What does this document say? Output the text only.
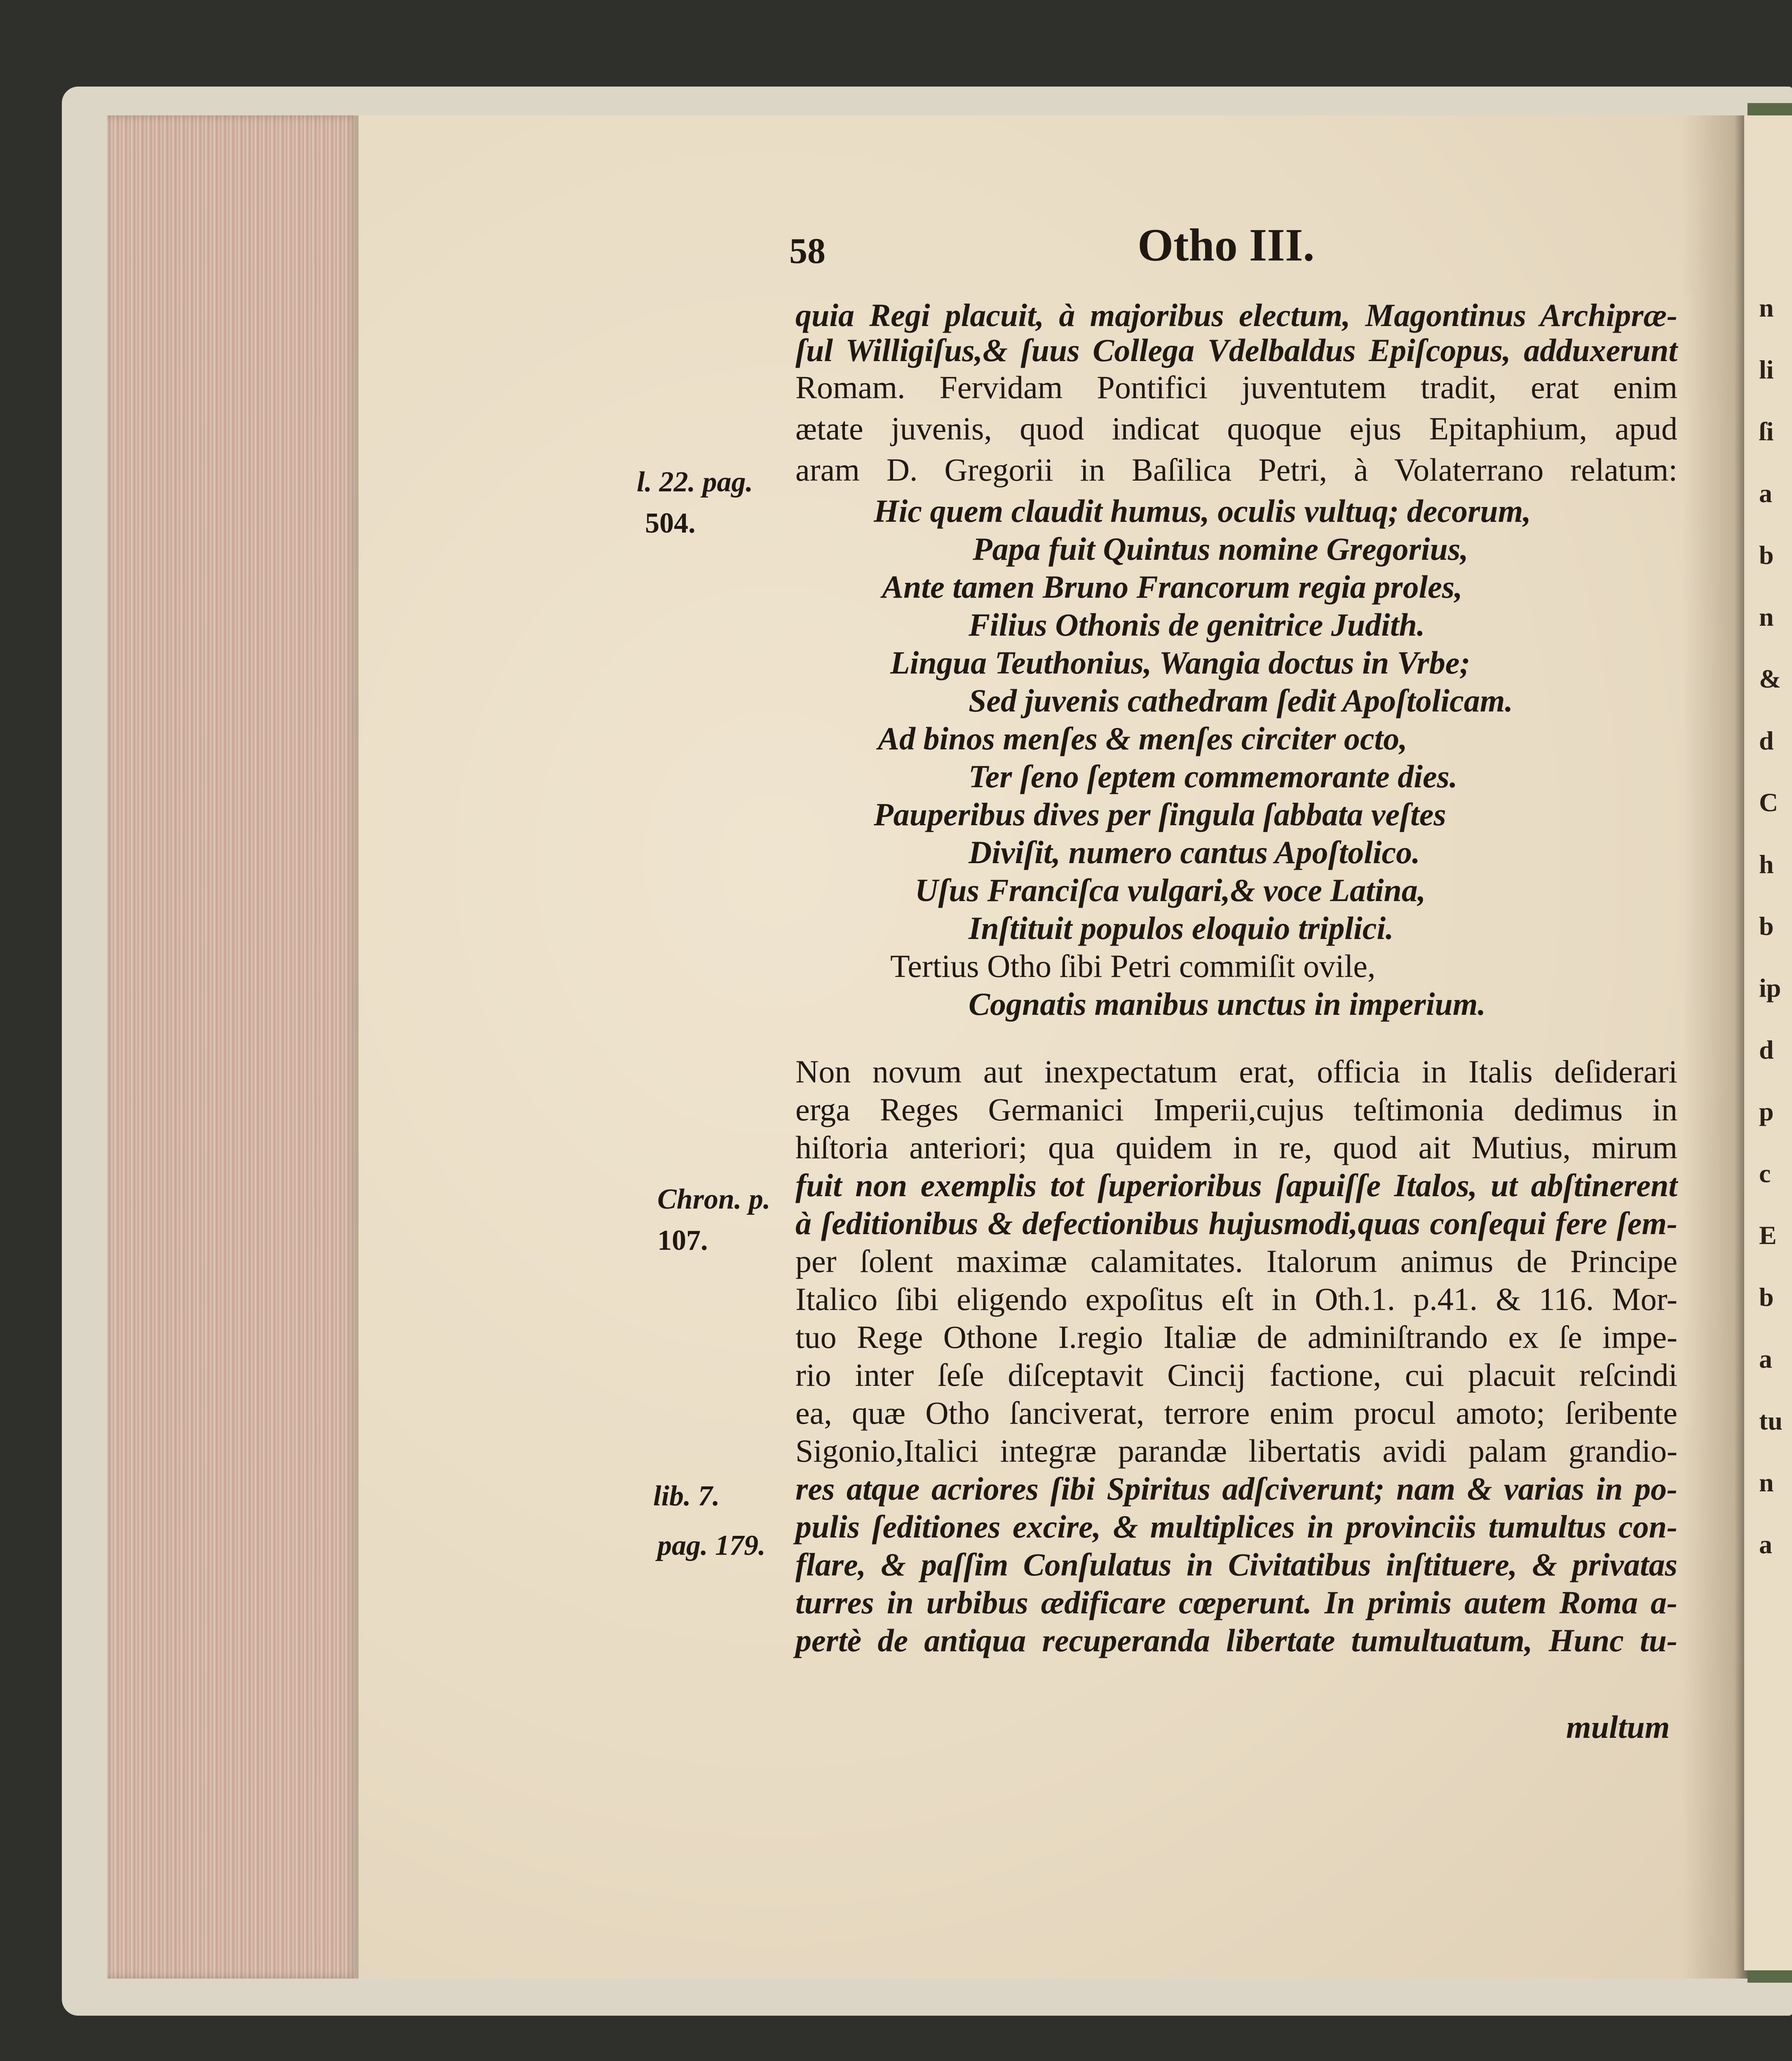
n
li
ſi
a
b
n
&
d
C
h
b
ip
d
p
c
E
b
a
tu
n
a
58	Otho III.
quia Regi placuit, à majoribus electum, Magontinus Archipræ-
ſul Willigiſus,& ſuus Collega Vdelbaldus Epiſcopus, adduxerunt
Romam. Fervidam Pontifici juventutem tradit, erat enim
ætate juvenis, quod indicat quoque ejus Epitaphium, apud
aram D. Gregorii in Baſilica Petri, à Volaterrano relatum:
Hic quem claudit humus, oculis vultuq; decorum,
Papa fuit Quintus nomine Gregorius,
Ante tamen Bruno Francorum regia proles,
Filius Othonis de genitrice Judith.
Lingua Teuthonius, Wangia doctus in Vrbe;
Sed juvenis cathedram ſedit Apoſtolicam.
Ad binos menſes & menſes circiter octo,
Ter ſeno ſeptem commemorante dies.
Pauperibus dives per ſingula ſabbata veſtes
Diviſit, numero cantus Apoſtolico.
Uſus Franciſca vulgari,& voce Latina,
Inſtituit populos eloquio triplici.
Tertius Otho ſibi Petri commiſit ovile,
Cognatis manibus unctus in imperium.
Non novum aut inexpectatum erat, officia in Italis deſiderari
erga Reges Germanici Imperii,cujus teſtimonia dedimus in
hiſtoria anteriori; qua quidem in re, quod ait Mutius, mirum
fuit non exemplis tot ſuperioribus ſapuiſſe Italos, ut abſtinerent
à ſeditionibus & defectionibus hujusmodi,quas conſequi fere ſem-
per ſolent maximæ calamitates. Italorum animus de Principe
Italico ſibi eligendo expoſitus eſt in Oth.1. p.41. & 116. Mor-
tuo Rege Othone I.regio Italiæ de adminiſtrando ex ſe impe-
rio inter ſeſe diſceptavit Cincij factione, cui placuit reſcindi
ea, quæ Otho ſanciverat, terrore enim procul amoto; ſeribente
Sigonio,Italici integræ parandæ libertatis avidi palam grandio-
res atque acriores ſibi Spiritus adſciverunt; nam & varias in po-
pulis ſeditiones excire, & multiplices in provinciis tumultus con-
flare, & paſſim Conſulatus in Civitatibus inſtituere, & privatas
turres in urbibus ædificare cœperunt. In primis autem Roma a-
pertè de antiqua recuperanda libertate tumultuatum, Hunc tu-
multum
l. 22. pag.
504.
Chron. p.
107.
lib. 7.
pag. 179.
